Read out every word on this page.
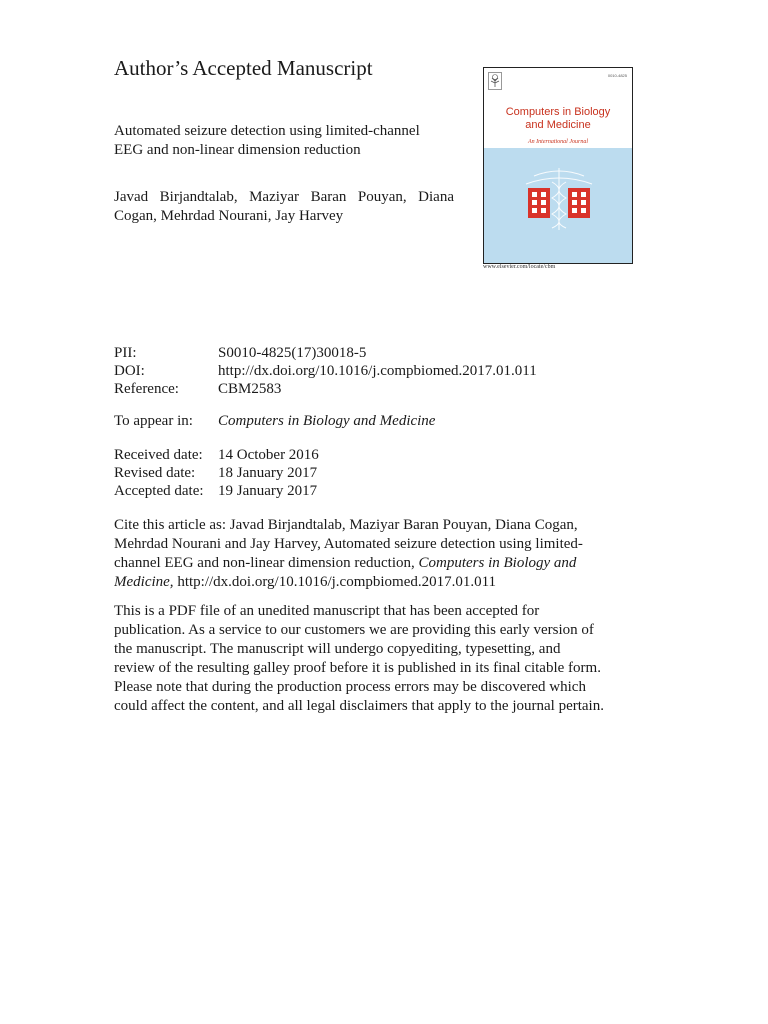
Author’s Accepted Manuscript
Automated seizure detection using limited-channel
EEG and non-linear dimension reduction
Javad Birjandtalab, Maziyar Baran Pouyan, Diana
Cogan, Mehrdad Nourani, Jay Harvey
0010-4825
Computers in Biology
and Medicine
An International Journal
www.elsevier.com/locate/cbm
PII:	S0010-4825(17)30018-5
DOI:	http://dx.doi.org/10.1016/j.compbiomed.2017.01.011
Reference:	CBM2583
To appear in: Computers in Biology and Medicine
Received date: 14 October 2016
Revised date: 18 January 2017
Accepted date: 19 January 2017
Cite this article as: Javad Birjandtalab, Maziyar Baran Pouyan, Diana Cogan,
Mehrdad Nourani and Jay Harvey, Automated seizure detection using limited-
channel EEG and non-linear dimension reduction, Computers in Biology and
Medicine, http://dx.doi.org/10.1016/j.compbiomed.2017.01.011
This is a PDF file of an unedited manuscript that has been accepted for
publication. As a service to our customers we are providing this early version of
the manuscript. The manuscript will undergo copyediting, typesetting, and
review of the resulting galley proof before it is published in its final citable form.
Please note that during the production process errors may be discovered which
could affect the content, and all legal disclaimers that apply to the journal pertain.
